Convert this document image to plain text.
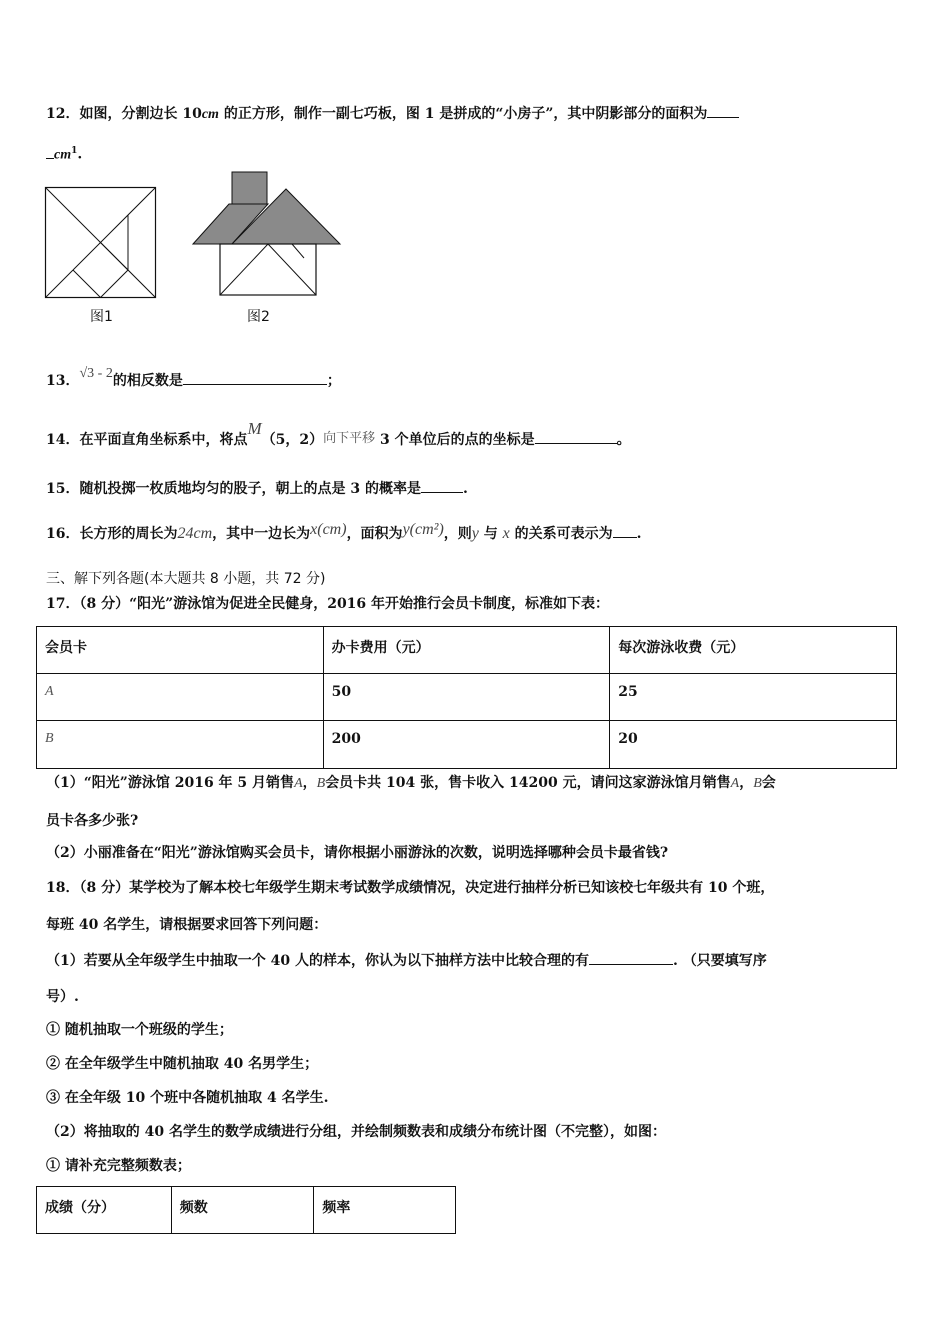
12．如图，分割边长 10cm 的正方形，制作一副七巧板，图 1 是拼成的“小房子”，其中阴影部分的面积为
$cm^1$.
图1	图2
13．√3 - 2的相反数是	；
14．在平面直角坐标系中，将点M（5，2）向下平移 3 个单位后的点的坐标是	。
15．随机投掷一枚质地均匀的股子，朝上的点是 3 的概率是	.
16．长方形的周长为24cm，其中一边长为x(cm)，面积为y(cm²)，则y 与 x 的关系可表示为 .
三、解下列各题(本大题共 8 小题，共 72 分)
17．（8 分）“阳光”游泳馆为促进全民健身，2016 年开始推行会员卡制度，标准如下表：
会员卡	办卡费用（元）	每次游泳收费（元）
A	50	25
B	200	20
（1）“阳光”游泳馆 2016 年 5 月销售A，B会员卡共 104 张，售卡收入 14200 元，请问这家游泳馆月销售A，B会
员卡各多少张?
（2）小丽准备在“阳光”游泳馆购买会员卡，请你根据小丽游泳的次数，说明选择哪种会员卡最省钱?
18．（8 分）某学校为了解本校七年级学生期末考试数学成绩情况，决定进行抽样分析已知该校七年级共有 10 个班，
每班 40 名学生，请根据要求回答下列问题：
（1）若要从全年级学生中抽取一个 40 人的样本，你认为以下抽样方法中比较合理的有	. （只要填写序
号）.
① 随机抽取一个班级的学生；
② 在全年级学生中随机抽取 40 名男学生；
③ 在全年级 10 个班中各随机抽取 4 名学生.
（2）将抽取的 40 名学生的数学成绩进行分组，并绘制频数表和成绩分布统计图（不完整），如图：
① 请补充完整频数表；
成绩（分）	频数	频率
